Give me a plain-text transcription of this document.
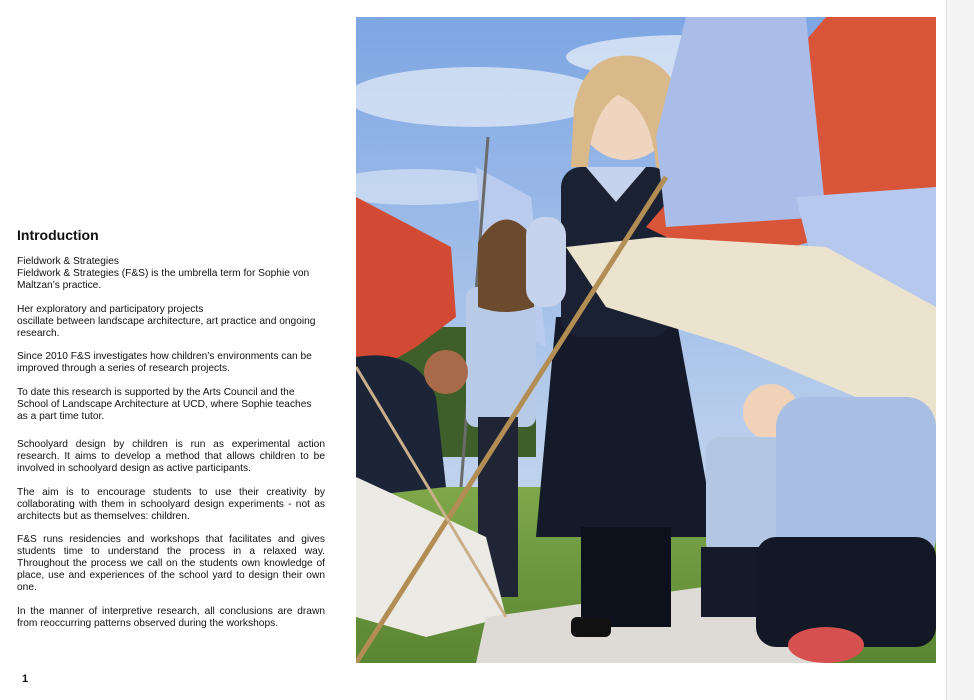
Introduction

Fieldwork & Strategies
Fieldwork & Strategies (F&S) is the umbrella term for Sophie von Maltzan’s practice.

Her exploratory and participatory projects
oscillate between landscape architecture, art practice and ongoing research.

Since 2010 F&S investigates how children’s environments can be improved through a series of research projects.

To date this research is supported by the Arts Council and the School of Landscape Architecture at UCD, where Sophie teaches as a part time tutor.

Schoolyard design by children is run as experimental action research. It aims to develop a method that allows children to be involved in schoolyard design as active participants.

The aim is to encourage students to use their creativity by collaborating with them in schoolyard design experiments - not as architects but as themselves: children.

F&S runs residencies and workshops that facilitates and gives students time to understand the process in a relaxed way. Throughout the process we call on the students own knowledge of place, use and experiences of the school yard to design their own one.

In the manner of interpretive research, all conclusions are drawn from reoccurring patterns observed during the workshops.

1
